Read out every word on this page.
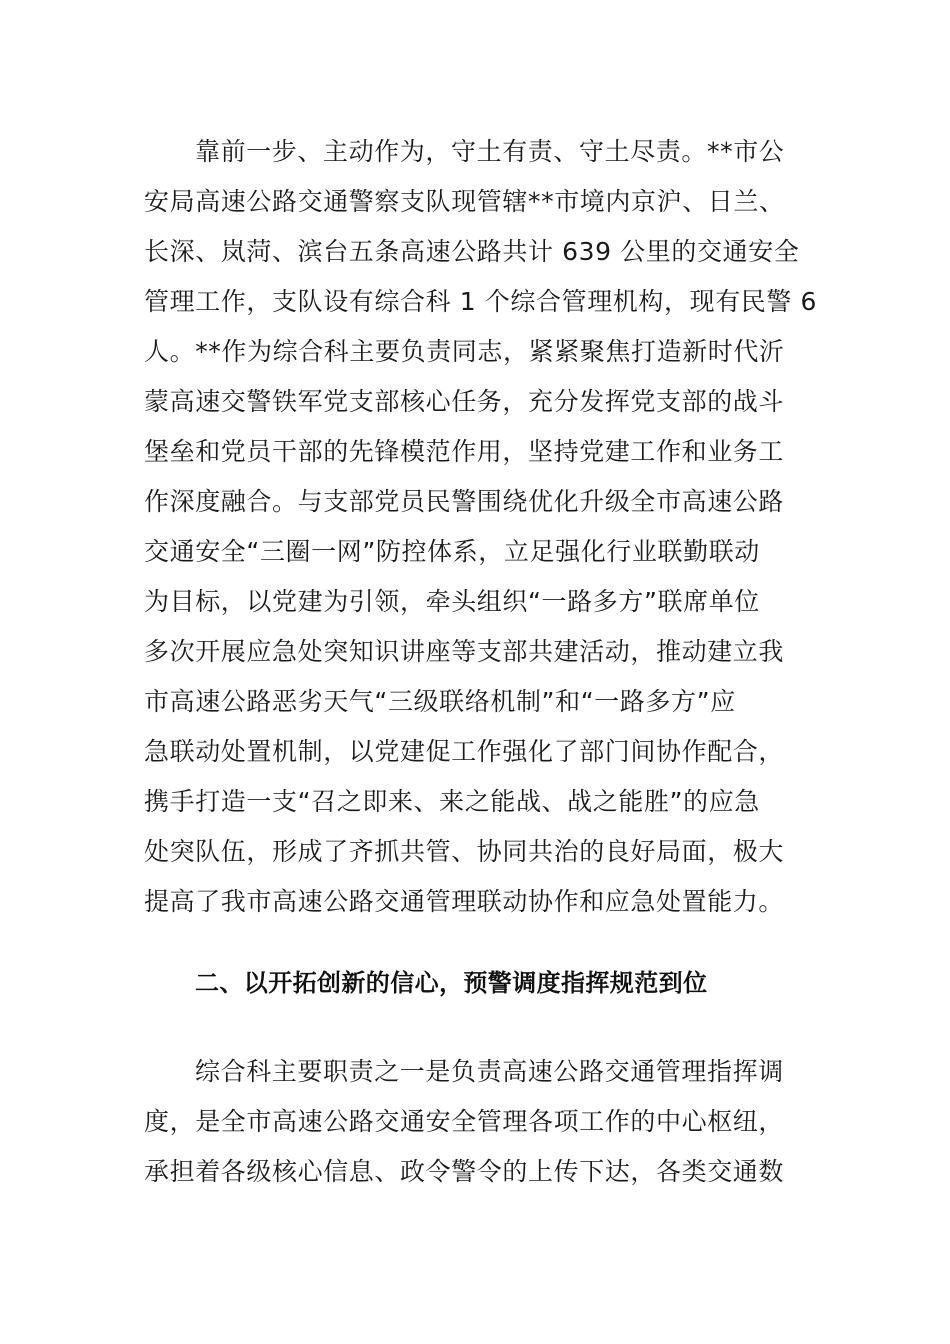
靠前一步、主动作为，守土有责、守土尽责。**市公
安局高速公路交通警察支队现管辖**市境内京沪、日兰、
长深、岚菏、滨台五条高速公路共计 639 公里的交通安全
管理工作，支队设有综合科 1 个综合管理机构，现有民警 6
人。**作为综合科主要负责同志，紧紧聚焦打造新时代沂
蒙高速交警铁军党支部核心任务，充分发挥党支部的战斗
堡垒和党员干部的先锋模范作用，坚持党建工作和业务工
作深度融合。与支部党员民警围绕优化升级全市高速公路
交通安全“三圈一网”防控体系，立足强化行业联勤联动
为目标，以党建为引领，牵头组织“一路多方”联席单位
多次开展应急处突知识讲座等支部共建活动，推动建立我
市高速公路恶劣天气“三级联络机制”和“一路多方”应
急联动处置机制，以党建促工作强化了部门间协作配合，
携手打造一支“召之即来、来之能战、战之能胜”的应急
处突队伍，形成了齐抓共管、协同共治的良好局面，极大
提高了我市高速公路交通管理联动协作和应急处置能力。
二、以开拓创新的信心，预警调度指挥规范到位
综合科主要职责之一是负责高速公路交通管理指挥调
度，是全市高速公路交通安全管理各项工作的中心枢纽，
承担着各级核心信息、政令警令的上传下达，各类交通数
